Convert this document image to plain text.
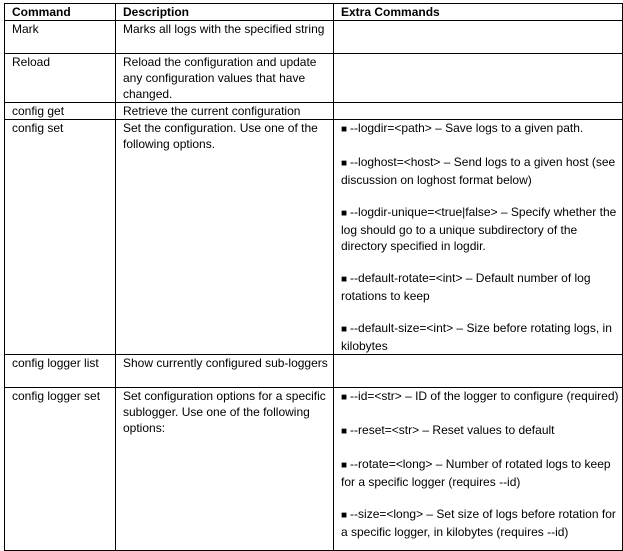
Command	Description	Extra Commands
Mark	Marks all logs with the specified string	
Reload	Reload the configuration and update any configuration values that have changed.	
config get	Retrieve the current configuration	
config set	Set the configuration. Use one of the following options.	■ --logdir=<path> – Save logs to a given path.
■ --loghost=<host> – Send logs to a given host (see discussion on loghost format below)
■ --logdir-unique=<true|false> – Specify whether the log should go to a unique subdirectory of the directory specified in logdir.
■ --default-rotate=<int> – Default number of log rotations to keep
■ --default-size=<int> – Size before rotating logs, in kilobytes

config logger list	Show currently configured sub-loggers	
config logger set	Set configuration options for a specific sublogger. Use one of the following options:	■ --id=<str> – ID of the logger to configure (required)
■ --reset=<str> – Reset values to default
■ --rotate=<long> – Number of rotated logs to keep for a specific logger (requires --id)
■ --size=<long> – Set size of logs before rotation for a specific logger, in kilobytes (requires --id)
